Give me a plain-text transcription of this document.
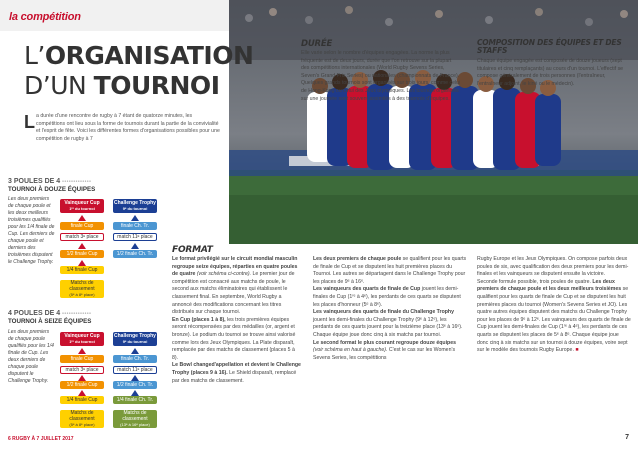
la compétition
L’ORGANISATION
D’UN TOURNOI
L a durée d'une rencontre de rugby à 7 étant de quatorze minutes, les compétitions ont lieu sous la forme de tournois durant la partie de la convivialité et l'esprit de fête. Voici les différentes formes d'organisations possibles pour une compétition de rugby à 7
3 POULES DE 4 •••••••••••••
TOURNOI À DOUZE ÉQUIPES
Les deux premiers de chaque poule et les deux meilleurs troisièmes qualifiés pour les 1/4 finale de Cup. Les derniers de chaque poule et derniers des troisièmes disputent le Challenge Trophy.
Vainqueur Cup
1ʳᵉ du tournoi
finale Cup
match 3ᵉ place
1/2 finale Cup
1/4 finale Cup
Matchs de classement
(5ᵉ à 8ᵉ place)
Challenge Trophy
9ᵉ du tournoi
finale Ch. Tr.
match 11ᵉ place
1/2 finale Ch. Tr.
4 POULES DE 4 •••••••••••••
TOURNOI À SEIZE ÉQUIPES
Les deux premiers de chaque poule qualifiés pour les 1/4 finale de Cup. Les deux derniers de chaque poule disputent le Challenge Trophy.
Vainqueur Cup
1ʳᵉ du tournoi
finale Cup
match 3ᵉ place
1/2 finale Cup
1/4 finale Cup
Matchs de classement
(5ᵉ à 8ᵉ place)
Challenge Trophy
9ᵉ du tournoi
finale Ch. Tr.
match 11ᵉ place
1/2 finale Ch. Tr.
1/4 finale Ch. Tr.
Matchs de classement
(13ᵉ à 16ᵉ place)
DURÉE
Elle varie selon le nombre d'équipes engagées. La norme la plus fréquente est de deux jours, durée que l'on retrouve sur la plupart des compétitions internationales (World Rugby Sevens Series, Seven's Grand Prix Series) ou nationales (championnats de France). Quelques grands tournois sont organisés sur trois jours, comme celui de Hong-Kong ou celui des Jeux olympiques. Les tournois organisés sur une journée sont souvent assimilés à des tournois d'équipes.
COMPOSITION DES ÉQUIPES ET DES STAFFS
Chaque équipe engagée est composée de douze joueurs (sept titulaires et cinq remplaçants) au cours d'un tournoi. L'effectif se compose généralement de trois personnes (l'entraîneur, l'entraîneur adjoint, le kiné ou le médecin).
FORMAT
Le format privilégié sur le circuit mondial masculin regroupe seize équipes, réparties en quatre poules de quatre (voir schéma ci-contre). Le premier jour de compétition est consacré aux matchs de poule, le second aux matchs éliminatoires qui établissent le classement final. En septembre, World Rugby a annoncé des modifications concernant les titres distribués sur chaque tournoi.
En Cup (places 1 à 8), les trois premières équipes seront récompensées par des médailles (or, argent et bronze). Le podium du tournoi se trouve ainsi valorisé comme lors des Jeux Olympiques. La Plate disparaît, remplacée par des matchs de classement (places 5 à 8).
Le Bowl changed'appellation et devient le Challenge Trophy (places 9 à 16). Le Shield disparaît, remplacé par des matchs de classement.
Les deux premiers de chaque poule se qualifient pour les quarts de finale de Cup et se disputent les huit premières places du Tournoi. Les autres se départagent dans le Challenge Trophy pour les places de 9ᵉ à 16ᵉ.
Les vainqueurs des quarts de finale de Cup jouent les demi-finales de Cup (1ʳᵉ à 4ᵉ), les perdants de ces quarts se disputent les places d'honneur (5ᵉ à 8ᵉ).
Les vainqueurs des quarts de finale du Challenge Trophy jouent les demi-finales du Challenge Trophy (9ᵉ à 12ᵉ), les perdants de ces quarts jouent pour la treizième place (13ᵉ à 16ᵉ). Chaque équipe joue donc cinq à six matchs par tournoi.
Le second format le plus courant regroupe douze équipes (voir schéma en haut à gauche). C'est le cas sur les Women's Sevens Series, les compétitions
Rugby Europe et les Jeux Olympiques. On compose parfois deux poules de six, avec qualification des deux premiers pour les demi-finales et les vainqueurs se disputent ensuite la victoire.
Seconde formule possible, trois poules de quatre. Les deux premiers de chaque poule et les deux meilleurs troisièmes se qualifient pour les quarts de finale de Cup et se disputent les huit premières places du tournoi (Women's Sevens Series et JO). Les quatre autres équipes disputent des matchs du Challenge Trophy pour les places de 9ᵉ à 12ᵉ. Les vainqueurs des quarts de finale de Cup jouent les demi-finales de Cup (1ʳᵉ à 4ᵉ), les perdants de ces quarts se disputent les places de 5ᵉ à 8ᵉ. Chaque équipe joue donc cinq à six matchs sur un tournoi à douze équipes, voire sept sur le modèle des tournois Rugby Europe. ■
6 RUGBY À 7 JUILLET 2017	7
